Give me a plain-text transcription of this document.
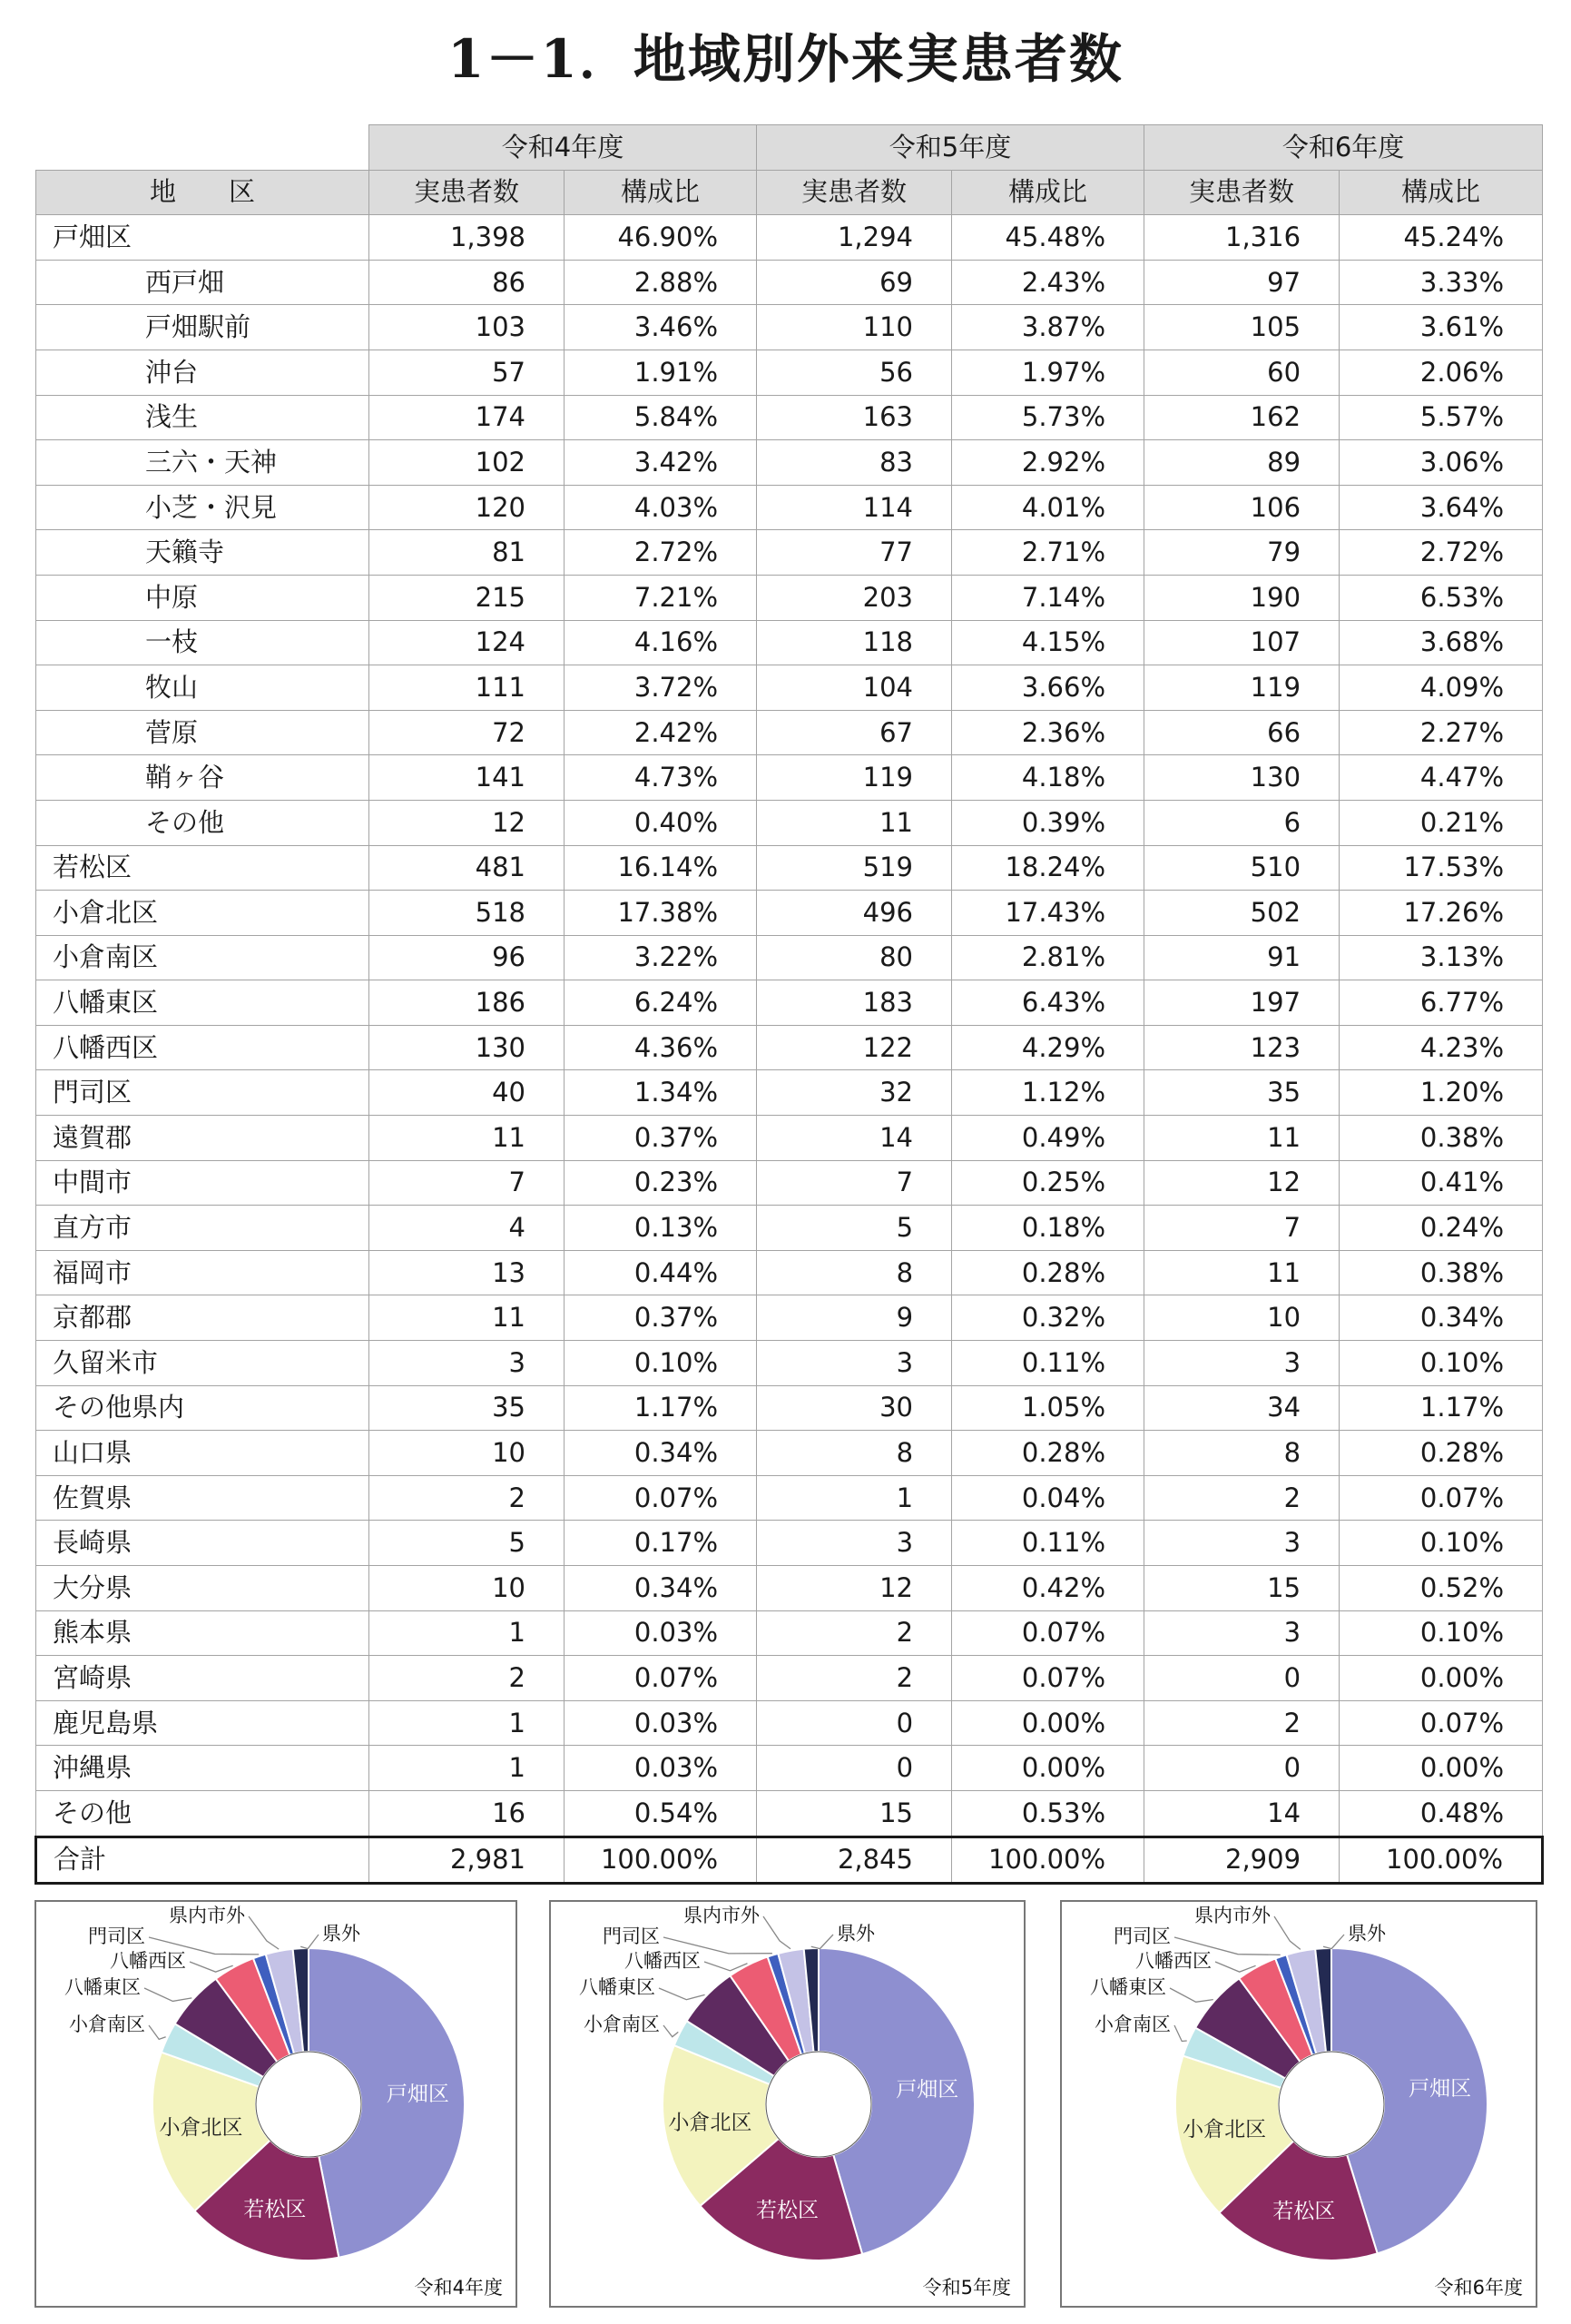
1－1．地域別外来実患者数
	令和4年度		令和5年度		令和6年度	
地　　区	実患者数	構成比	実患者数	構成比	実患者数	構成比
戸畑区	1,398	46.90%	1,294	45.48%	1,316	45.24%
西戸畑	86	2.88%	69	2.43%	97	3.33%
戸畑駅前	103	3.46%	110	3.87%	105	3.61%
沖台	57	1.91%	56	1.97%	60	2.06%
浅生	174	5.84%	163	5.73%	162	5.57%
三六・天神	102	3.42%	83	2.92%	89	3.06%
小芝・沢見	120	4.03%	114	4.01%	106	3.64%
天籟寺	81	2.72%	77	2.71%	79	2.72%
中原	215	7.21%	203	7.14%	190	6.53%
一枝	124	4.16%	118	4.15%	107	3.68%
牧山	111	3.72%	104	3.66%	119	4.09%
菅原	72	2.42%	67	2.36%	66	2.27%
鞘ヶ谷	141	4.73%	119	4.18%	130	4.47%
その他	12	0.40%	11	0.39%	6	0.21%
若松区	481	16.14%	519	18.24%	510	17.53%
小倉北区	518	17.38%	496	17.43%	502	17.26%
小倉南区	96	3.22%	80	2.81%	91	3.13%
八幡東区	186	6.24%	183	6.43%	197	6.77%
八幡西区	130	4.36%	122	4.29%	123	4.23%
門司区	40	1.34%	32	1.12%	35	1.20%
遠賀郡	11	0.37%	14	0.49%	11	0.38%
中間市	7	0.23%	7	0.25%	12	0.41%
直方市	4	0.13%	5	0.18%	7	0.24%
福岡市	13	0.44%	8	0.28%	11	0.38%
京都郡	11	0.37%	9	0.32%	10	0.34%
久留米市	3	0.10%	3	0.11%	3	0.10%
その他県内	35	1.17%	30	1.05%	34	1.17%
山口県	10	0.34%	8	0.28%	8	0.28%
佐賀県	2	0.07%	1	0.04%	2	0.07%
長崎県	5	0.17%	3	0.11%	3	0.10%
大分県	10	0.34%	12	0.42%	15	0.52%
熊本県	1	0.03%	2	0.07%	3	0.10%
宮崎県	2	0.07%	2	0.07%	0	0.00%
鹿児島県	1	0.03%	0	0.00%	2	0.07%
沖縄県	1	0.03%	0	0.00%	0	0.00%
その他	16	0.54%	15	0.53%	14	0.48%
合計	2,981	100.00%	2,845	100.00%	2,909	100.00%
戸畑区
若松区
小倉北区
小倉南区
八幡東区
八幡西区
門司区
県内市外
県外
令和4年度
戸畑区
若松区
小倉北区
小倉南区
八幡東区
八幡西区
門司区
県内市外
県外
令和5年度
戸畑区
若松区
小倉北区
小倉南区
八幡東区
八幡西区
門司区
県内市外
県外
令和6年度
